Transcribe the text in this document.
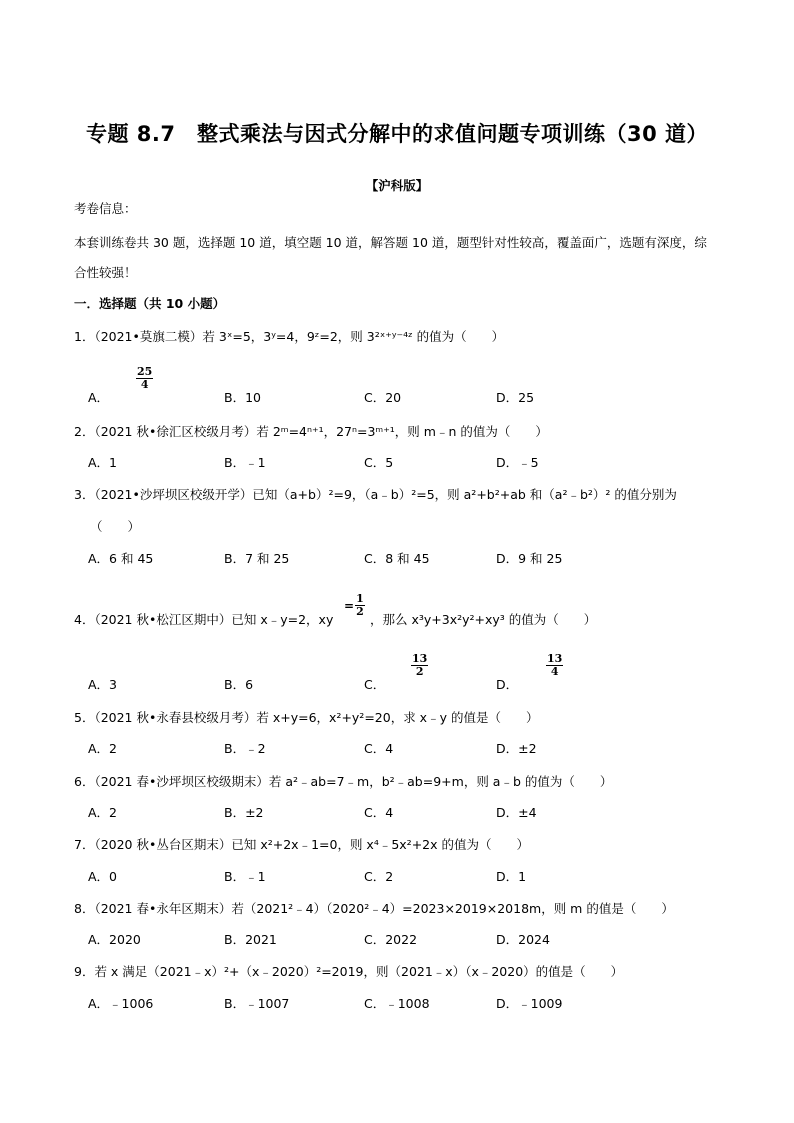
专题 8.7　整式乘法与因式分解中的求值问题专项训练（30 道）
【沪科版】
考卷信息：
本套训练卷共 30 题，选择题 10 道，填空题 10 道，解答题 10 道，题型针对性较高，覆盖面广，选题有深度，综
合性较强！
一．选择题（共 10 小题）
1．（2021•莫旗二模）若 3ˣ=5，3ʸ=4，9ᶻ=2，则 3²ˣ⁺ʸ⁻⁴ᶻ 的值为（　　）
A．
$\frac{25}{4}$
B．10	C．20	D．25
2．（2021 秋•徐汇区校级月考）若 2ᵐ=4ⁿ⁺¹，27ⁿ=3ᵐ⁺¹，则 m﹣n 的值为（　　）
A．1	B．﹣1	C．5	D．﹣5
3．（2021•沙坪坝区校级开学）已知（a+b）²=9，（a﹣b）²=5，则 a²+b²+ab 和（a²﹣b²）² 的值分别为
（　　）
A．6 和 45	B．7 和 25	C．8 和 45	D．9 和 25
4．（2021 秋•松江区期中）已知 x﹣y=2，xy
= $\frac{1}{2}$
，那么 x³y+3x²y²+xy³ 的值为（　　）
A．3	B．6	C．
$\frac{13}{2}$
D．
$\frac{13}{4}$
5．（2021 秋•永春县校级月考）若 x+y=6，x²+y²=20，求 x﹣y 的值是（　　）
A．2	B．﹣2	C．4	D．±2
6．（2021 春•沙坪坝区校级期末）若 a²﹣ab=7﹣m，b²﹣ab=9+m，则 a﹣b 的值为（　　）
A．2	B．±2	C．4	D．±4
7．（2020 秋•丛台区期末）已知 x²+2x﹣1=0，则 x⁴﹣5x²+2x 的值为（　　）
A．0	B．﹣1	C．2	D．1
8．（2021 春•永年区期末）若（2021²﹣4）（2020²﹣4）=2023×2019×2018m，则 m 的值是（　　）
A．2020	B．2021	C．2022	D．2024
9．若 x 满足（2021﹣x）²+（x﹣2020）²=2019，则（2021﹣x）（x﹣2020）的值是（　　）
A．﹣1006	B．﹣1007	C．﹣1008	D．﹣1009
